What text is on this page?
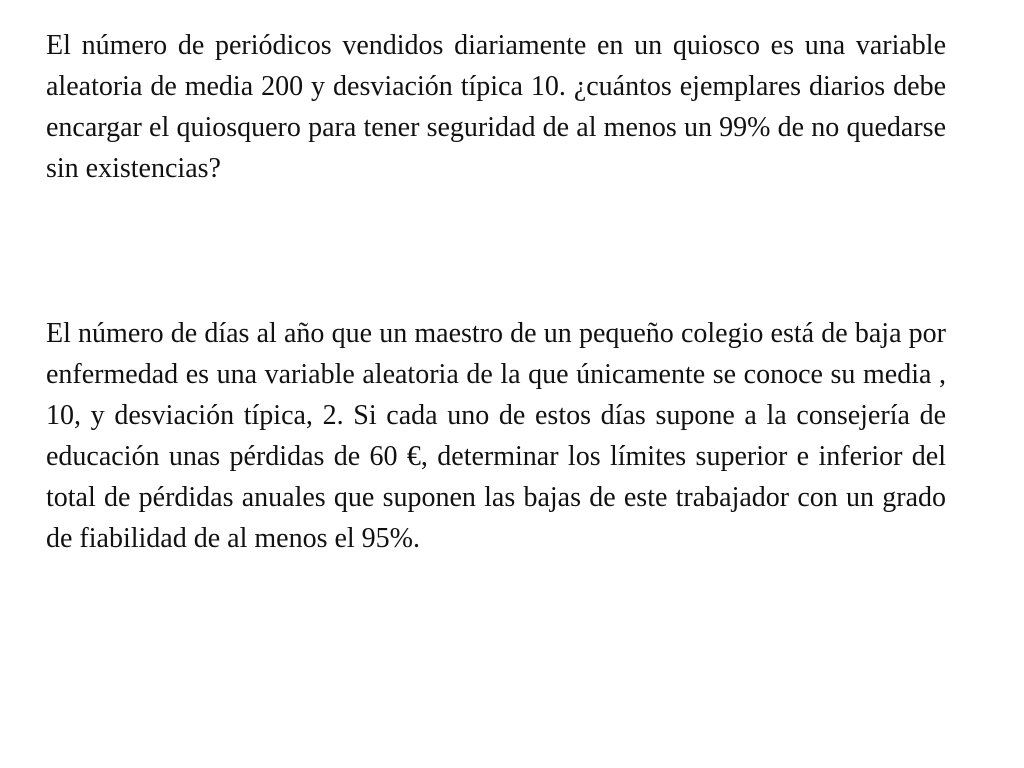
El número de periódicos vendidos diariamente en un quiosco es una variable aleatoria de media 200 y desviación típica 10. ¿cuántos ejemplares diarios debe encargar el quiosquero para tener seguridad de al menos un 99% de no quedarse sin existencias?

El número de días al año que un maestro de un pequeño colegio está de baja por enfermedad es una variable aleatoria de la que únicamente se conoce su media , 10, y desviación típica, 2. Si cada uno de estos días supone a la consejería de educación unas pérdidas de 60 €, determinar los límites superior e inferior del total de pérdidas anuales que suponen las bajas de este trabajador con un grado de fiabilidad de al menos el 95%.
